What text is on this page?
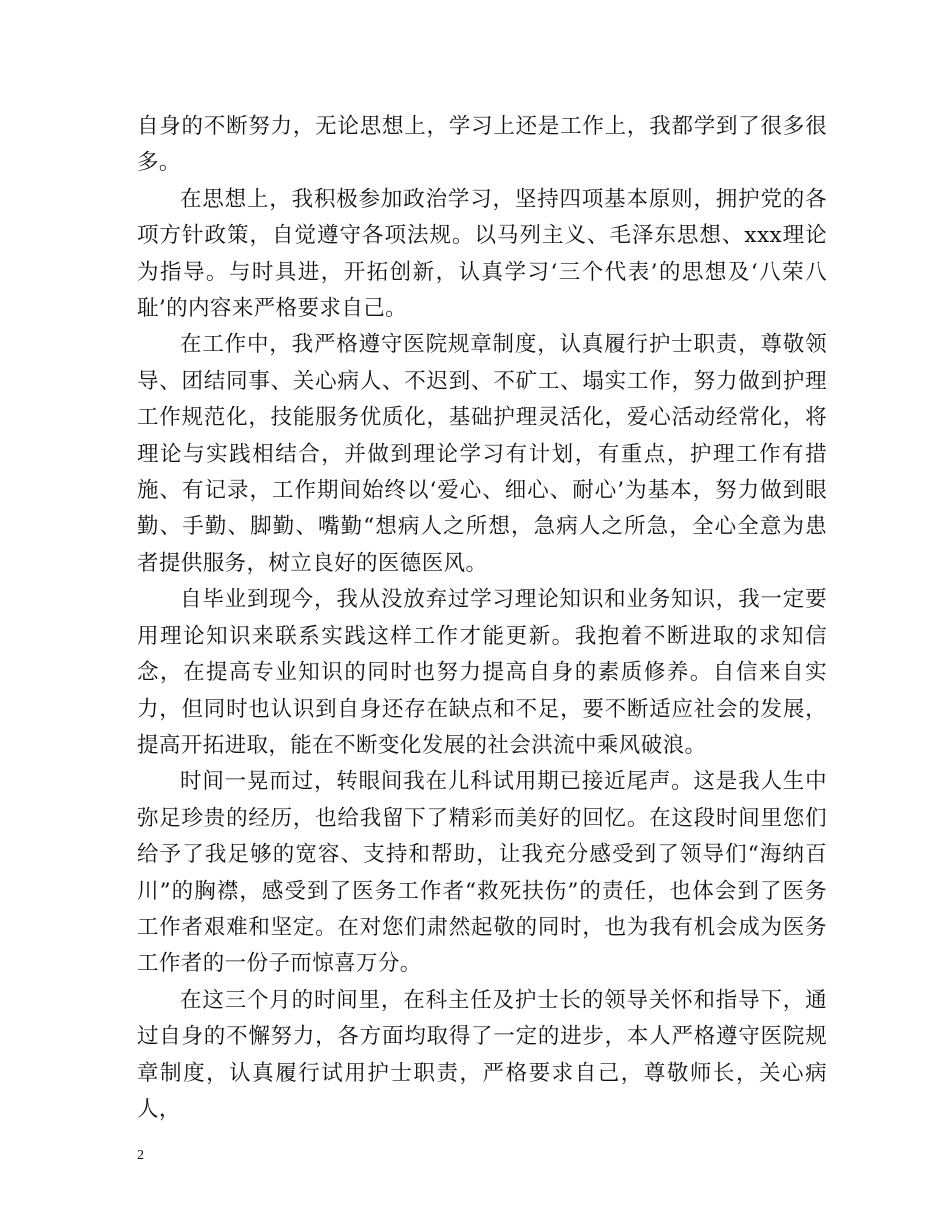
自身的不断努力，无论思想上，学习上还是工作上，我都学到了很多很多。

在思想上，我积极参加政治学习，坚持四项基本原则，拥护党的各项方针政策，自觉遵守各项法规。以马列主义、毛泽东思想、xxx理论为指导。与时具进，开拓创新，认真学习‘三个代表’的思想及‘八荣八耻’的内容来严格要求自己。

在工作中，我严格遵守医院规章制度，认真履行护士职责，尊敬领导、团结同事、关心病人、不迟到、不矿工、塌实工作，努力做到护理工作规范化，技能服务优质化，基础护理灵活化，爱心活动经常化，将理论与实践相结合，并做到理论学习有计划，有重点，护理工作有措施、有记录，工作期间始终以‘爱心、细心、耐心’为基本，努力做到眼勤、手勤、脚勤、嘴勤“想病人之所想，急病人之所急，全心全意为患者提供服务，树立良好的医德医风。

自毕业到现今，我从没放弃过学习理论知识和业务知识，我一定要用理论知识来联系实践这样工作才能更新。我抱着不断进取的求知信念，在提高专业知识的同时也努力提高自身的素质修养。自信来自实力，但同时也认识到自身还存在缺点和不足，要不断适应社会的发展，提高开拓进取，能在不断变化发展的社会洪流中乘风破浪。

时间一晃而过，转眼间我在儿科试用期已接近尾声。这是我人生中弥足珍贵的经历，也给我留下了精彩而美好的回忆。在这段时间里您们给予了我足够的宽容、支持和帮助，让我充分感受到了领导们“海纳百川”的胸襟，感受到了医务工作者“救死扶伤”的责任，也体会到了医务工作者艰难和坚定。在对您们肃然起敬的同时，也为我有机会成为医务工作者的一份子而惊喜万分。

在这三个月的时间里，在科主任及护士长的领导关怀和指导下，通过自身的不懈努力，各方面均取得了一定的进步，本人严格遵守医院规章制度，认真履行试用护士职责，严格要求自己，尊敬师长，关心病人，

2
